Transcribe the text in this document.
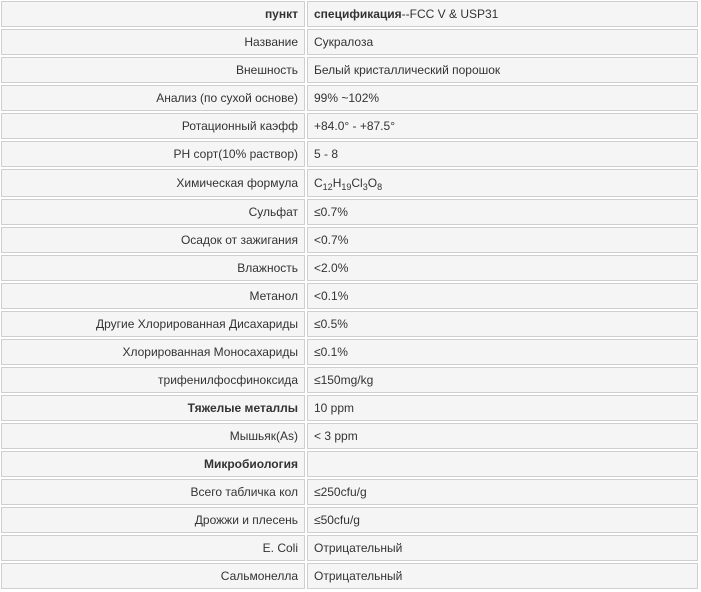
пункт	спецификация--FCC V & USP31
Название	Сукралоза
Внешность	Белый кристаллический порошок
Анализ (по сухой основе)	99% ~102%
Ротационный каэфф	+84.0° - +87.5°
PH сорт(10% раствор)	5 - 8
Химическая формула	$C_{12}H_{19}Cl_3O_8$
Сульфат	≤0.7%
Осадок от зажигания	<0.7%
Влажность	<2.0%
Метанол	<0.1%
Другие Хлорированная Дисахариды	≤0.5%
Хлорированная Моносахариды	≤0.1%
трифенилфосфиноксида	≤150mg/kg
Тяжелые металлы	10 ppm
Мышьяк(As)	< 3 ppm
Микробиология	
Всего табличка кол	≤250cfu/g
Дрожжи и плесень	≤50cfu/g
E. Coli	Отрицательный
Сальмонелла	Отрицательный
